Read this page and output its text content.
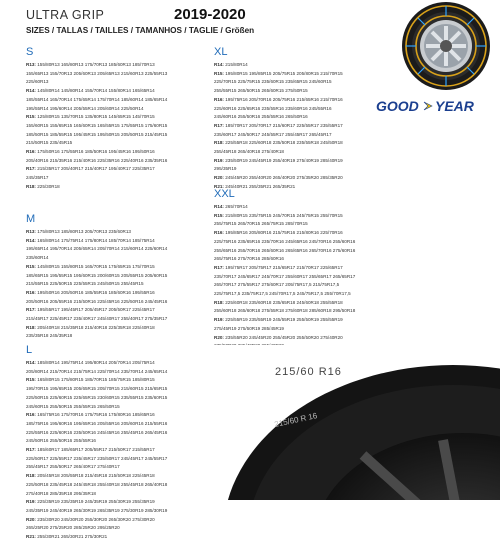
ULTRA GRIP	2019-2020
SIZES / TALLAS / TAILLES / TAMANHOS / TAGLIE / Größen
GOOD YEAR
S
R13: 155/80R13 165/80R13 175/70R13 185/60R13 185/70R13
155/65R13 155/70R13 205/60R13 205/65R13 215/60R13 225/55R13
225/60R13
R14: 145/80R14 145/80R14 155/70R14 155/80R14 165/65R14
185/55R14 165/70R14 175/65R14 175/70R14 185/60R14 185/65R14
195/55R14 195/60R14 205/55R14 205/60R14 225/50R14
R15: 125/80R15 135/70R15 135/80R15 145/65R15 145/70R15
155/60R15 155/65R15 165/60R15 165/55R15 175/55R15 175/60R15
185/50R15 185/55R15 195/45R15 195/50R15 205/50R15 215/45R15
215/50R15 235/45R15
R16: 175/50R16 175/55R16 185/50R16 195/45R16 195/50R16
205/40R16 215/35R16 215/40R16 225/35R16 225/40R16 235/35R16
R17: 215/35R17 205/40R17 215/40R17 195/40R17 225/35R17
245/35R17
R18: 225/30R18
M
R13: 175/80R13 185/80R13 205/70R13 235/60R13
R14: 165/80R14 175/75R14 175/80R14 185/70R14 185/75R14
195/65R14 195/70R14 205/65R14 205/70R14 215/60R14 225/60R14
235/60R14
R15: 145/80R15 155/80R15 165/70R15 175/65R15 175/70R15
185/65R15 195/55R15 195/60R15 200/60R15 205/55R15 205/60R15
215/55R15 225/50R15 225/55R15 245/50R15 255/45R15
R16: 195/50R16 205/50R16 185/55R16 185/60R16 195/55R16
205/50R16 205/55R16 215/50R16 225/45R16 225/50R16 245/45R16
R17: 195/55R17 195/45R17 205/45R17 205/50R17 225/45R17
215/45R17 225/45R17 235/40R17 245/40R17 255/40R17 275/35R17
R18: 205/40R18 215/35R18 215/40R18 225/35R18 225/40R18
235/35R18 245/35R18
L
R14: 185/80R14 195/75R14 195/80R14 205/70R14 205/75R14
205/80R14 215/70R14 215/75R14 225/70R14 235/70R14 245/65R14
R15: 165/80R15 175/80R15 185/70R15 185/75R15 185/80R15
195/70R15 195/65R15 205/65R15 205/70R15 215/60R15 215/65R15
225/50R15 225/60R15 225/65R15 230/60R15 235/55R15 235/60R15
245/60R15 255/50R15 255/55R15 265/50R15
R16: 165/75R16 175/70R16 175/75R16 175/80R16 185/65R16
185/75R16 195/60R16 195/65R16 205/55R16 205/60R16 215/55R16
225/55R16 225/60R16 235/50R16 245/45R16 255/45R16 265/45R16
245/50R16 255/50R16 255/55R16
R17: 185/60R17 185/65R17 205/55R17 215/50R17 215/55R17
225/50R17 225/55R17 235/45R17 235/50R17 245/45R17 245/55R17
255/45R17 255/50R17 265/40R17 275/40R17
R18: 205/45R18 205/55R18 215/45R18 215/50R18 225/45R18
225/50R18 235/45R18 245/45R18 255/40R18 255/45R18 265/40R18
275/40R18 285/35R18 295/35R18
R19: 225/35R19 235/35R19 245/35R19 255/30R19 255/35R19
245/35R19 245/40R19 265/30R19 265/35R19 275/30R19 285/30R19
R20: 235/30R20 245/30R20 255/30R20 265/30R20 275/30R20
265/25R20 275/25R20 285/25R20 295/25R20
R21: 255/30R21 265/30R21 275/30R21
XL
R14: 215/80R14
R15: 195/80R15 195/85R15 205/75R15 205/80R15 215/70R15
225/70R15 225/75R15 235/60R15 235/65R15 245/60R15
255/55R15 265/50R15 265/60R15 275/50R15
R16: 195/75R16 205/70R16 205/75R16 215/65R16 215/70R16
225/60R16 225/65R16 235/55R16 235/60R16 245/55R16
245/60R16 255/50R16 255/55R16 265/50R16
R17: 185/70R17 205/70R17 215/60R17 225/55R17 235/55R17
235/60R17 245/50R17 245/55R17 255/45R17 265/45R17
R18: 225/55R18 225/60R18 235/50R18 235/55R18 245/50R18
255/45R18 265/40R18 275/40R18
R19: 235/50R19 245/45R19 255/40R19 275/40R19 285/40R19
295/35R19
R20: 245/45R20 255/40R20 265/40R20 275/35R20 285/35R20
R21: 245/40R21 255/35R21 265/35R21
XXL
R14: 265/70R14
R15: 215/80R15 235/75R15 245/70R15 245/75R15 255/70R15
255/75R15 265/70R15 265/75R15 285/70R15
R16: 195/85R16 205/80R16 215/75R16 215/80R16 225/70R16
225/75R16 235/65R16 235/70R16 245/65R16 245/70R16 255/60R16
255/65R16 255/70R16 265/60R16 265/65R16 265/70R16 275/60R16
265/75R16 275/70R16 285/60R16
R17: 195/75R17 205/75R17 215/65R17 215/70R17 225/65R17
235/70R17 245/65R17 245/70R17 255/60R17 255/65R17 265/65R17
265/70R17 275/55R17 275/60R17 205/75R17,5 215/75R17,5
225/75R17,5 235/75R17,5 245/70R17,5 245/75R17,5 255/70R17,5
R18: 225/60R18 235/60R18 235/65R18 245/60R18 255/55R18
255/60R18 265/60R18 275/55R18 275/60R18 285/60R18 295/50R18
R19: 225/55R19 235/55R19 245/55R19 255/50R19 255/55R19
275/45R19 275/50R19 285/45R19
R20: 235/55R20 245/45R20 255/45R20 255/50R20 275/40R20
215/60 R 16
215/60 R16
